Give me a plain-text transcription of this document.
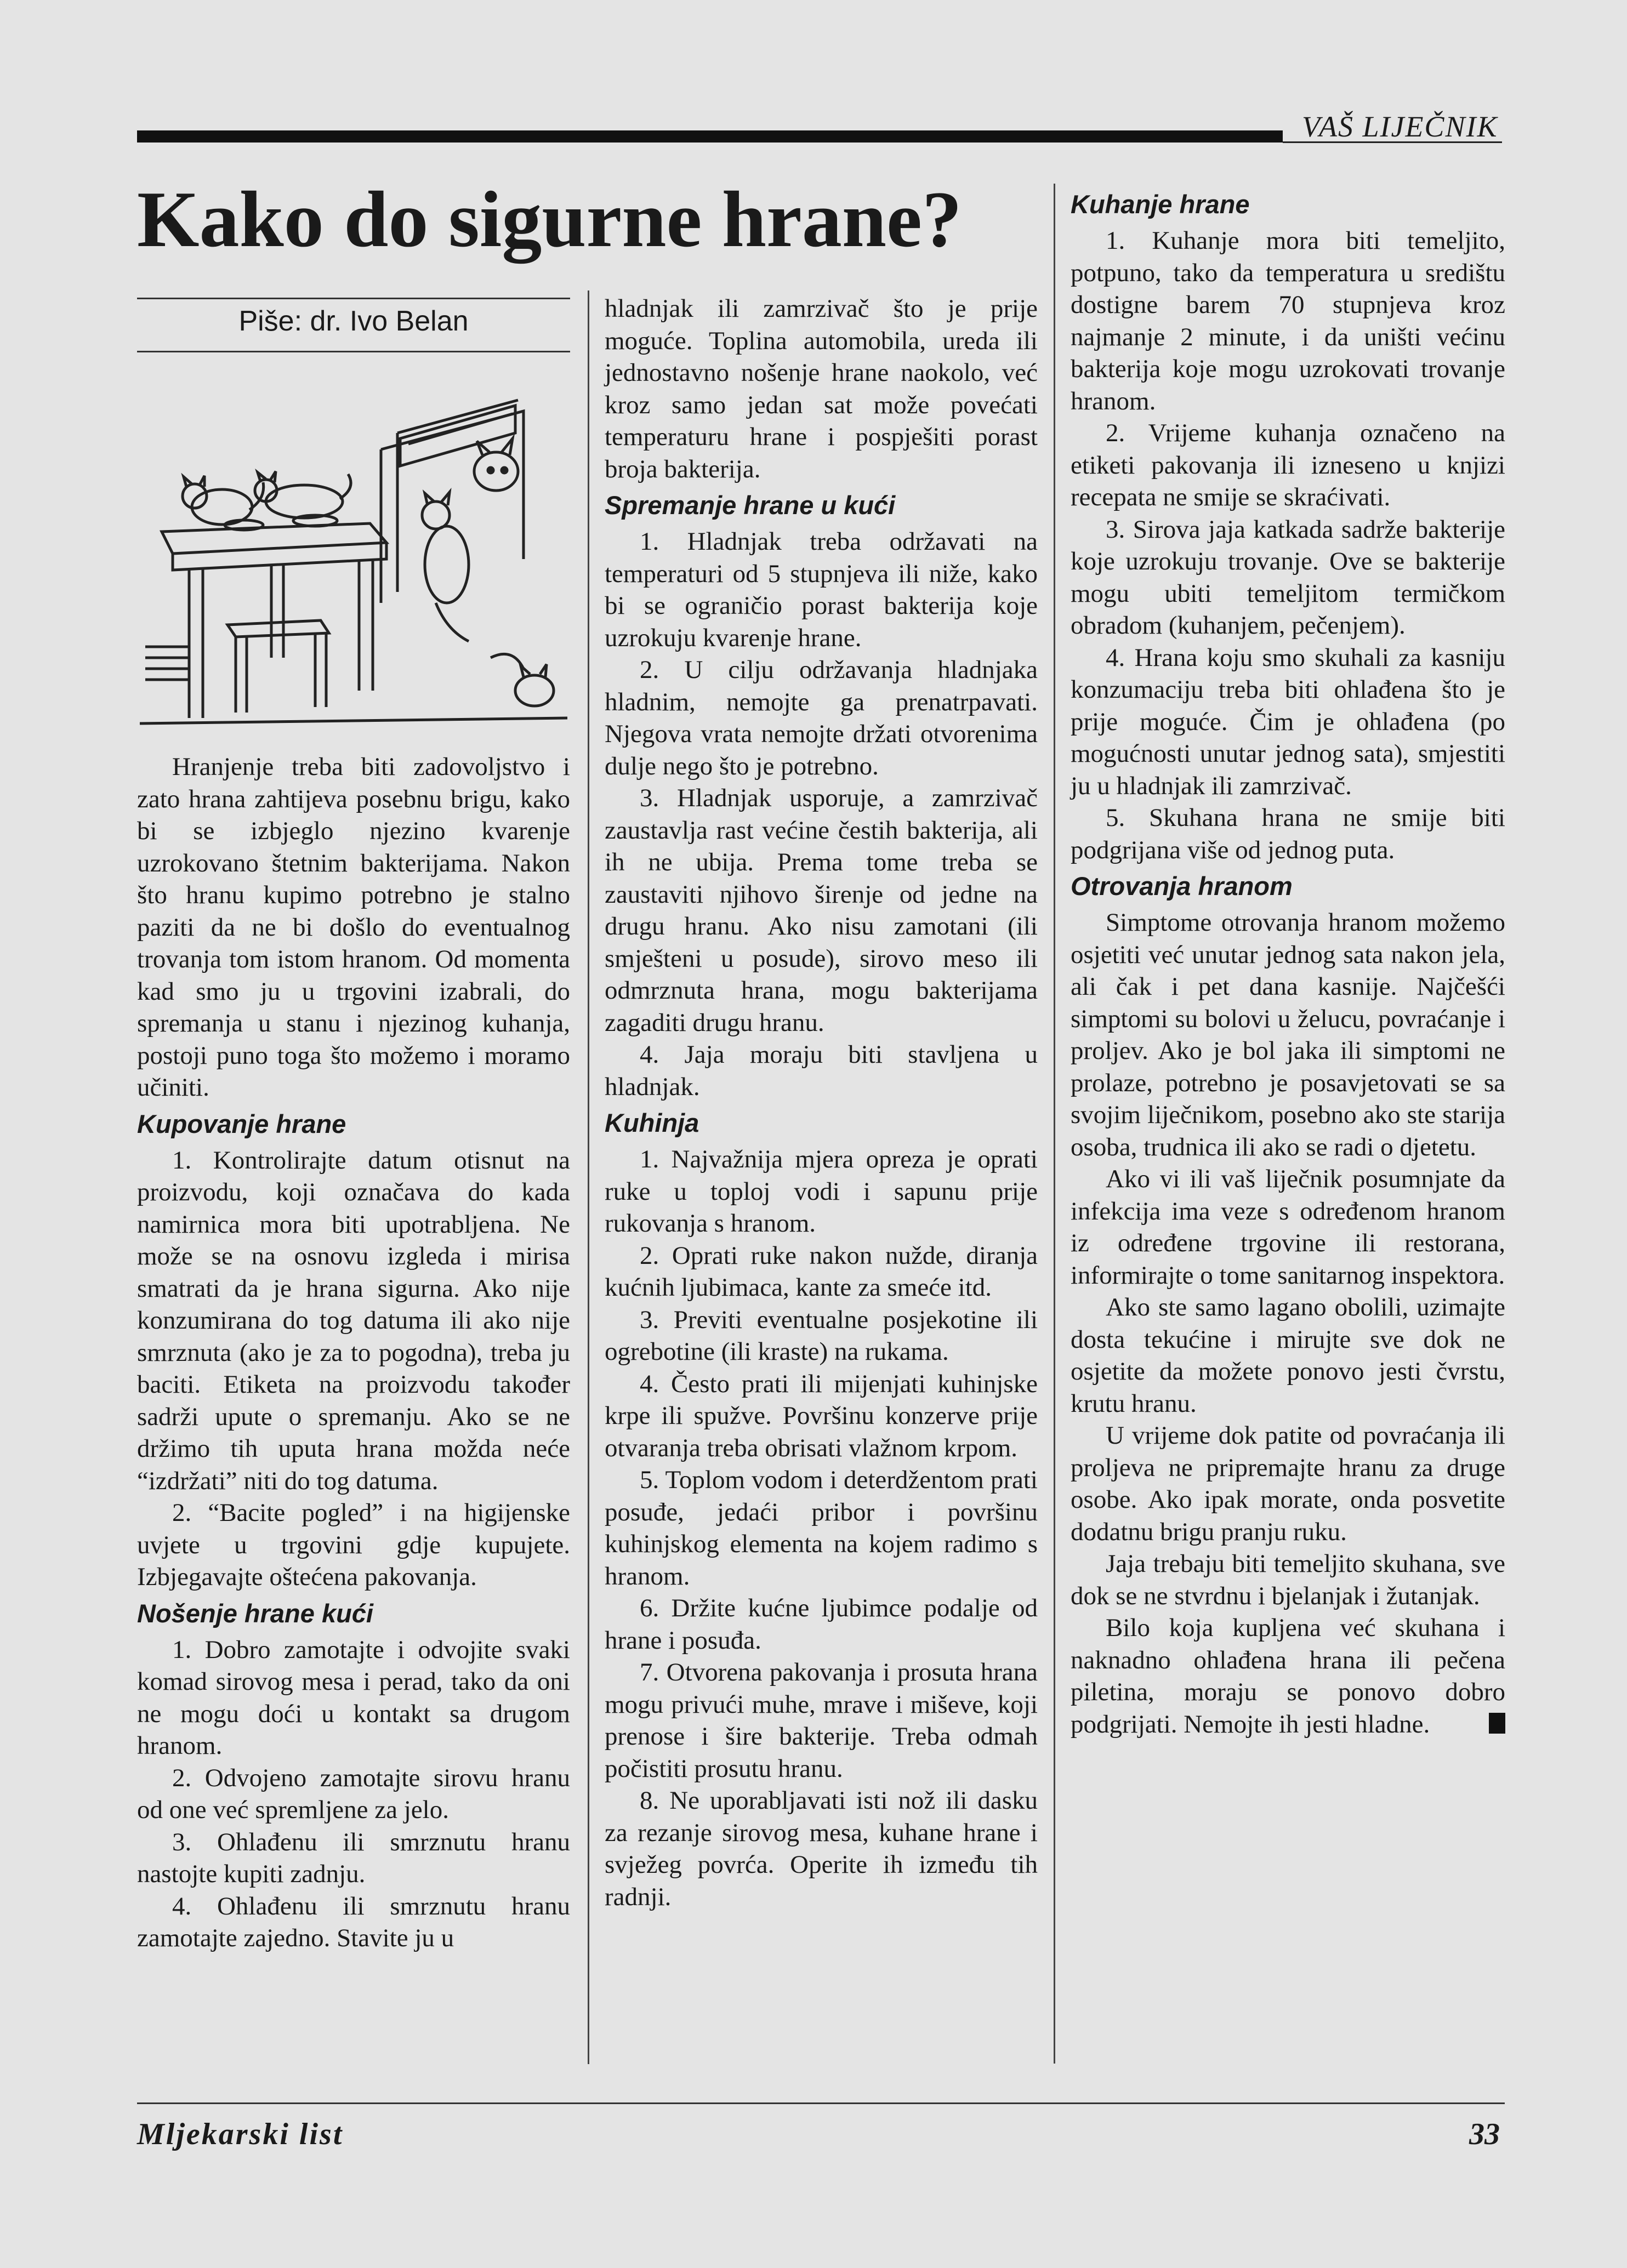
VAŠ LIJEČNIK
Kako do sigurne hrane?
Piše: dr. Ivo Belan

Hranjenje treba biti zadovoljstvo i zato hrana zahtijeva posebnu brigu, kako bi se izbjeglo njezino kvarenje uzrokovano štetnim bakterijama. Nakon što hranu kupimo potrebno je stalno paziti da ne bi došlo do eventualnog trovanja tom istom hranom. Od momenta kad smo ju u trgovini izabrali, do spremanja u stanu i njezinog kuhanja, postoji puno toga što možemo i moramo učiniti.

Kupovanje hrane

1. Kontrolirajte datum otisnut na proizvodu, koji označava do kada namirnica mora biti upotrabljena. Ne može se na osnovu izgleda i mirisa smatrati da je hrana sigurna. Ako nije konzumirana do tog datuma ili ako nije smrznuta (ako je za to pogodna), treba ju baciti. Etiketa na proizvodu također sadrži upute o spremanju. Ako se ne držimo tih uputa hrana možda neće “izdržati” niti do tog datuma.

2. “Bacite pogled” i na higijenske uvjete u trgovini gdje kupujete. Izbjegavajte oštećena pakovanja.

Nošenje hrane kući

1. Dobro zamotajte i odvojite svaki komad sirovog mesa i perad, tako da oni ne mogu doći u kontakt sa drugom hranom.

2. Odvojeno zamotajte sirovu hranu od one već spremljene za jelo.

3. Ohlađenu ili smrznutu hranu nastojte kupiti zadnju.

4. Ohlađenu ili smrznutu hranu zamotajte zajedno. Stavite ju u

hladnjak ili zamrzivač što je prije moguće. Toplina automobila, ureda ili jednostavno nošenje hrane naokolo, već kroz samo jedan sat može povećati temperaturu hrane i pospješiti porast broja bakterija.

Spremanje hrane u kući

1. Hladnjak treba održavati na temperaturi od 5 stupnjeva ili niže, kako bi se ograničio porast bakterija koje uzrokuju kvarenje hrane.

2. U cilju održavanja hladnjaka hladnim, nemojte ga prenatrpavati. Njegova vrata nemojte držati otvorenima dulje nego što je potrebno.

3. Hladnjak usporuje, a zamrzivač zaustavlja rast većine čestih bakterija, ali ih ne ubija. Prema tome treba se zaustaviti njihovo širenje od jedne na drugu hranu. Ako nisu zamotani (ili smješteni u posude), sirovo meso ili odmrznuta hrana, mogu bakterijama zagaditi drugu hranu.

4. Jaja moraju biti stavljena u hladnjak.

Kuhinja

1. Najvažnija mjera opreza je oprati ruke u toploj vodi i sapunu prije rukovanja s hranom.

2. Oprati ruke nakon nužde, diranja kućnih ljubimaca, kante za smeće itd.

3. Previti eventualne posjekotine ili ogrebotine (ili kraste) na rukama.

4. Često prati ili mijenjati kuhinjske krpe ili spužve. Površinu konzerve prije otvaranja treba obrisati vlažnom krpom.

5. Toplom vodom i deterdžentom prati posuđe, jedaći pribor i površinu kuhinjskog elementa na kojem radimo s hranom.

6. Držite kućne ljubimce podalje od hrane i posuđa.

7. Otvorena pakovanja i prosuta hrana mogu privući muhe, mrave i miševe, koji prenose i šire bakterije. Treba odmah počistiti prosutu hranu.

8. Ne uporabljavati isti nož ili dasku za rezanje sirovog mesa, kuhane hrane i svježeg povrća. Operite ih između tih radnji.

Kuhanje hrane

1. Kuhanje mora biti temeljito, potpuno, tako da temperatura u središtu dostigne barem 70 stupnjeva kroz najmanje 2 minute, i da uništi većinu bakterija koje mogu uzrokovati trovanje hranom.

2. Vrijeme kuhanja označeno na etiketi pakovanja ili izneseno u knjizi recepata ne smije se skraćivati.

3. Sirova jaja katkada sadrže bakterije koje uzrokuju trovanje. Ove se bakterije mogu ubiti temeljitom termičkom obradom (kuhanjem, pečenjem).

4. Hrana koju smo skuhali za kasniju konzumaciju treba biti ohlađena što je prije moguće. Čim je ohlađena (po mogućnosti unutar jednog sata), smjestiti ju u hladnjak ili zamrzivač.

5. Skuhana hrana ne smije biti podgrijana više od jednog puta.

Otrovanja hranom

Simptome otrovanja hranom možemo osjetiti već unutar jednog sata nakon jela, ali čak i pet dana kasnije. Najčešći simptomi su bolovi u želucu, povraćanje i proljev. Ako je bol jaka ili simptomi ne prolaze, potrebno je posavjetovati se sa svojim liječnikom, posebno ako ste starija osoba, trudnica ili ako se radi o djetetu.

Ako vi ili vaš liječnik posumnjate da infekcija ima veze s određenom hranom iz određene trgovine ili restorana, informirajte o tome sanitarnog inspektora.

Ako ste samo lagano obolili, uzimajte dosta tekućine i mirujte sve dok ne osjetite da možete ponovo jesti čvrstu, krutu hranu.

U vrijeme dok patite od povraćanja ili proljeva ne pripremajte hranu za druge osobe. Ako ipak morate, onda posvetite dodatnu brigu pranju ruku.

Jaja trebaju biti temeljito skuhana, sve dok se ne stvrdnu i bjelanjak i žutanjak.

Bilo koja kupljena već skuhana i naknadno ohlađena hrana ili pečena piletina, moraju se ponovo dobro podgrijati. Nemojte ih jesti hladne.

Mljekarski list	33
